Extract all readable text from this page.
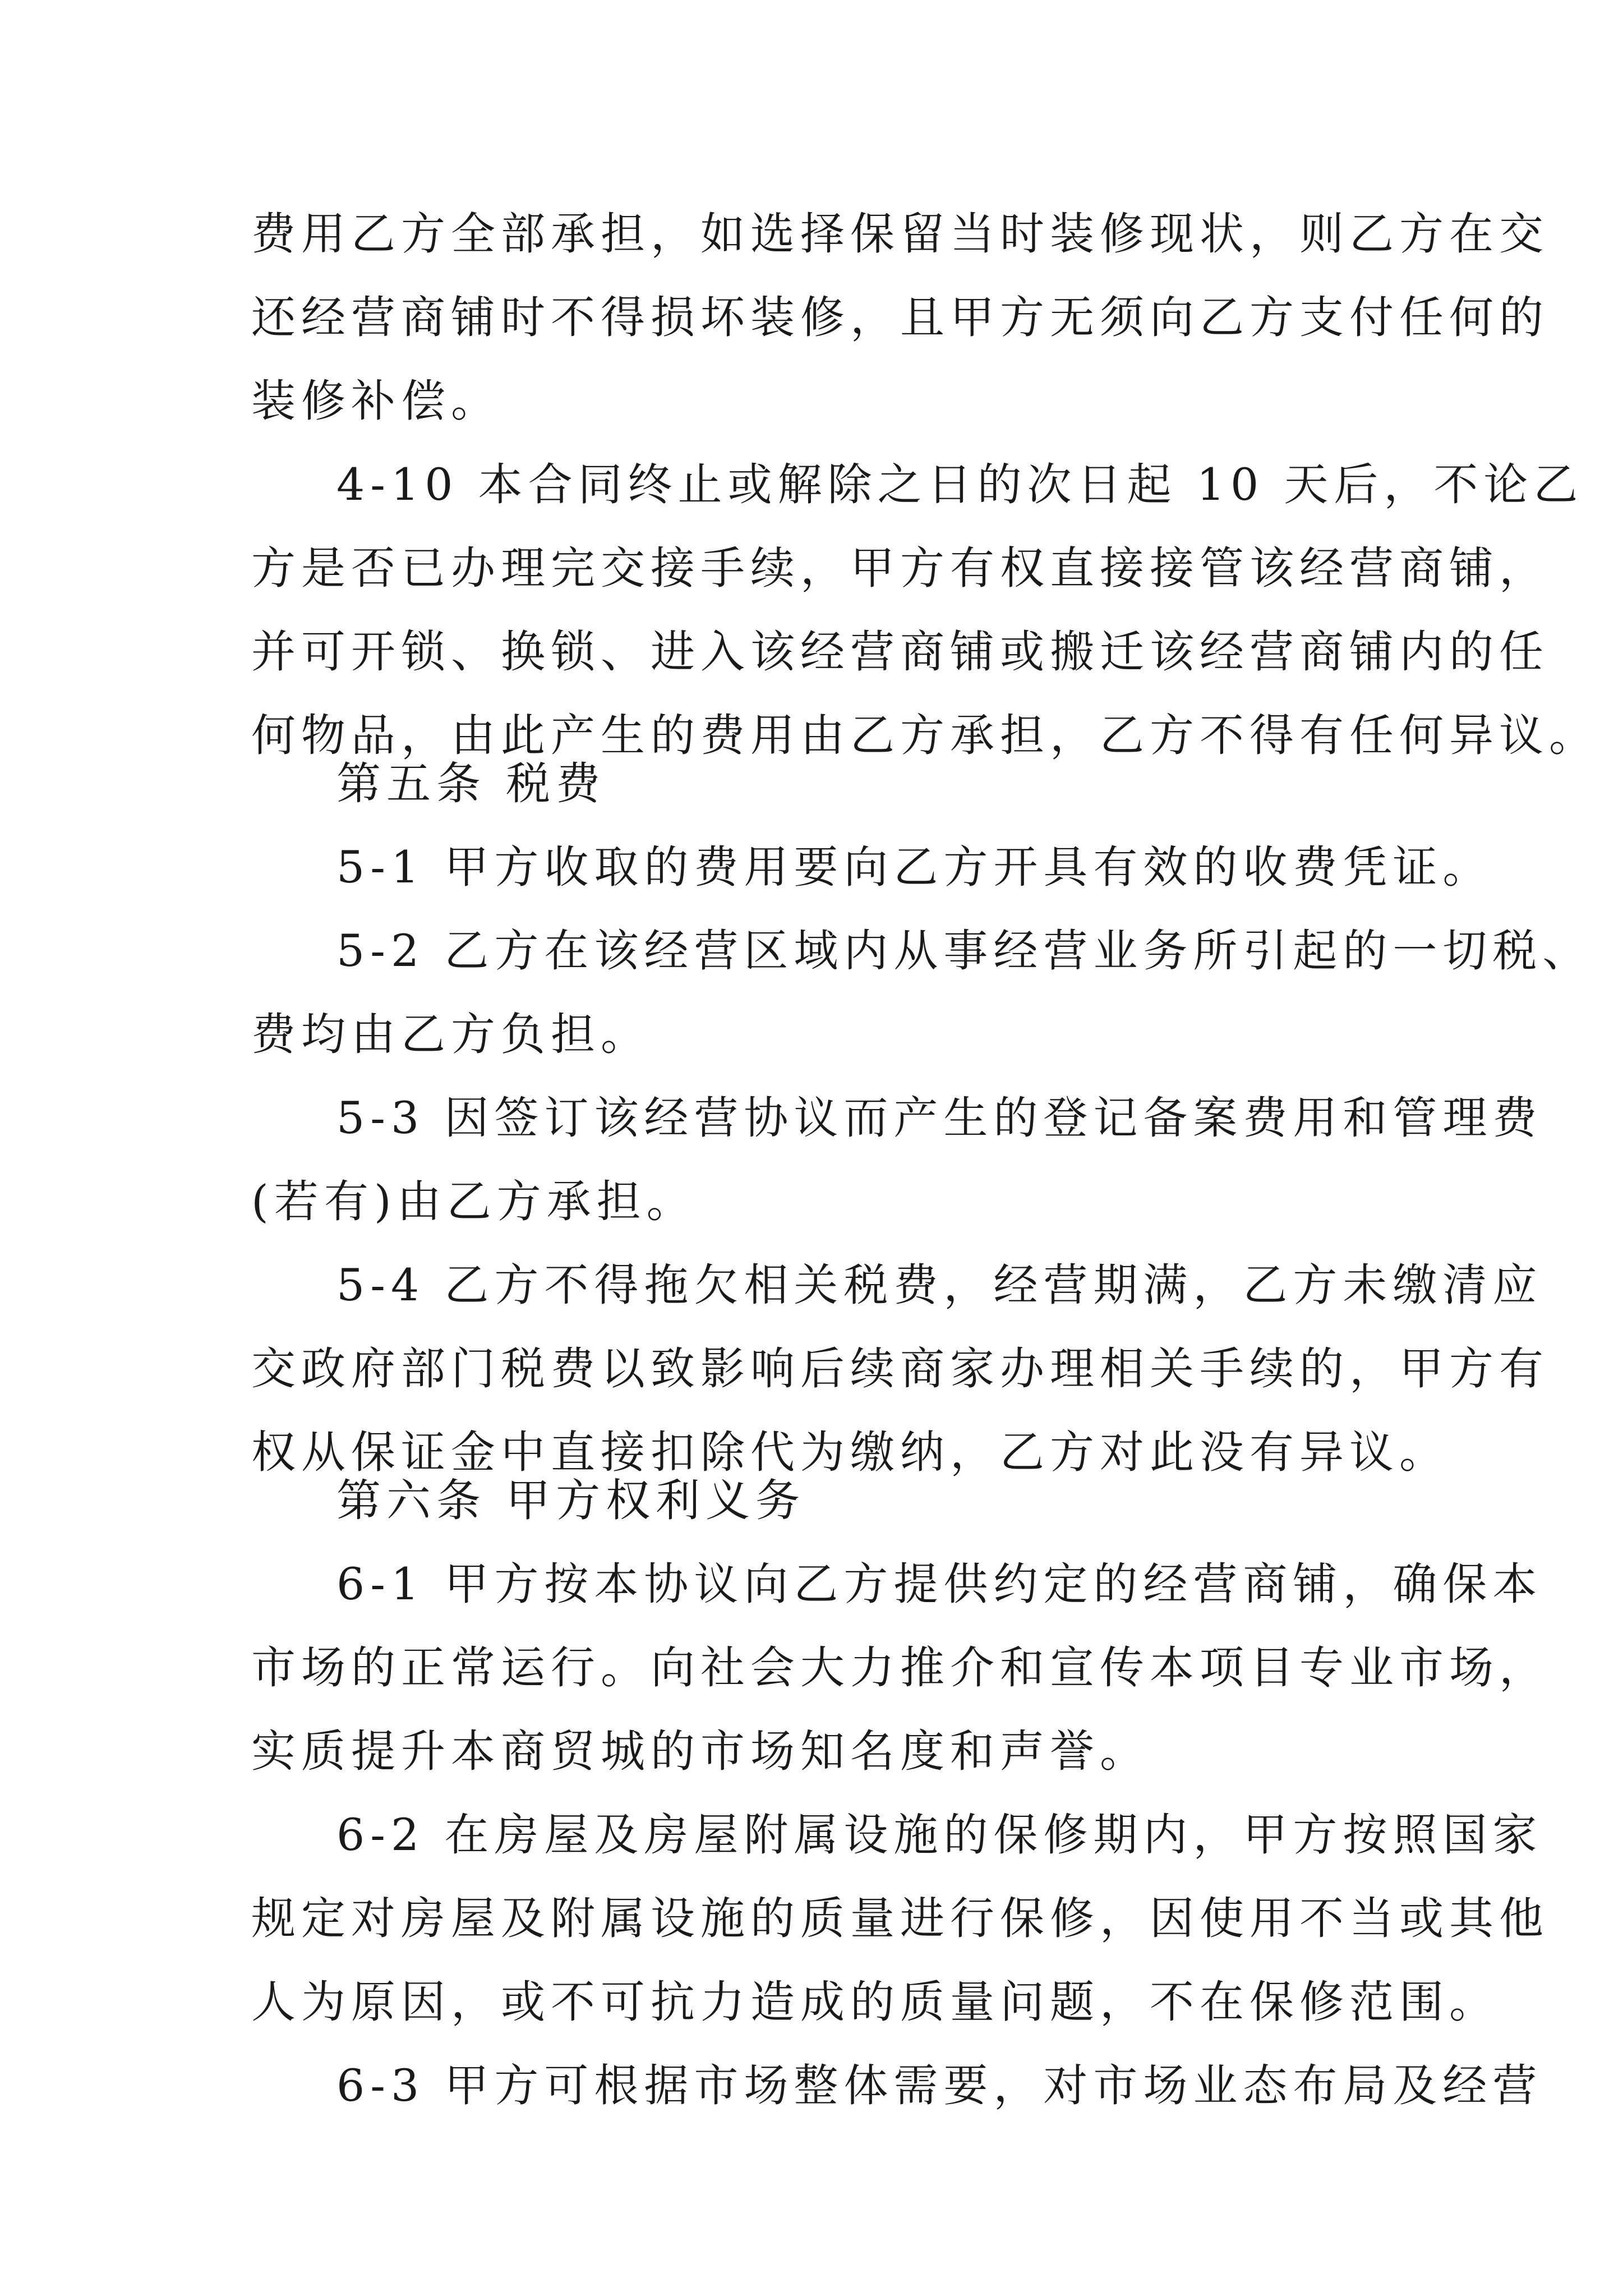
费用乙方全部承担，如选择保留当时装修现状，则乙方在交
还经营商铺时不得损坏装修，且甲方无须向乙方支付任何的
装修补偿。
4-10 本合同终止或解除之日的次日起 10 天后，不论乙
方是否已办理完交接手续，甲方有权直接接管该经营商铺，
并可开锁、换锁、进入该经营商铺或搬迁该经营商铺内的任
何物品，由此产生的费用由乙方承担，乙方不得有任何异议。
第五条 税费
5-1 甲方收取的费用要向乙方开具有效的收费凭证。
5-2 乙方在该经营区域内从事经营业务所引起的一切税、
费均由乙方负担。
5-3 因签订该经营协议而产生的登记备案费用和管理费
(若有)由乙方承担。
5-4 乙方不得拖欠相关税费，经营期满，乙方未缴清应
交政府部门税费以致影响后续商家办理相关手续的，甲方有
权从保证金中直接扣除代为缴纳，乙方对此没有异议。
第六条 甲方权利义务
6-1 甲方按本协议向乙方提供约定的经营商铺，确保本
市场的正常运行。向社会大力推介和宣传本项目专业市场，
实质提升本商贸城的市场知名度和声誉。
6-2 在房屋及房屋附属设施的保修期内，甲方按照国家
规定对房屋及附属设施的质量进行保修，因使用不当或其他
人为原因，或不可抗力造成的质量问题，不在保修范围。
6-3 甲方可根据市场整体需要，对市场业态布局及经营
